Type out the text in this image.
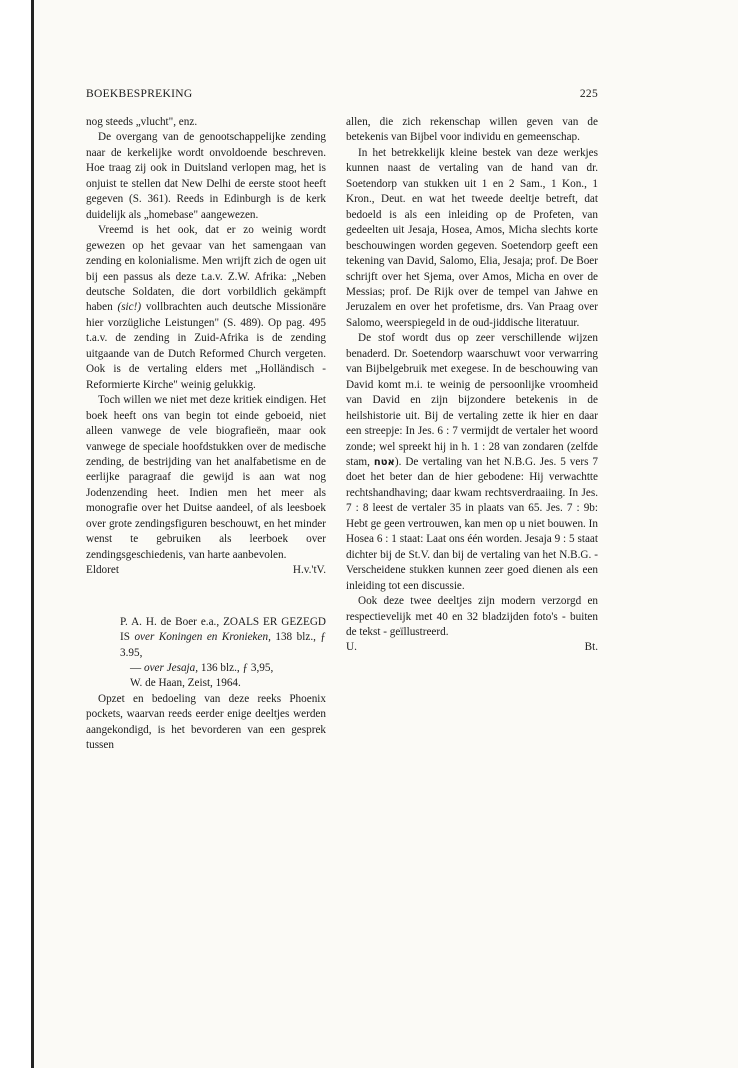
BOEKBESPREKING	225

nog steeds „vlucht", enz.

De overgang van de genootschappelijke zending naar de kerkelijke wordt onvoldoende beschreven. Hoe traag zij ook in Duitsland verlopen mag, het is onjuist te stellen dat New Delhi de eerste stoot heeft gegeven (S. 361). Reeds in Edinburgh is de kerk duidelijk als „homebase" aangewezen.

Vreemd is het ook, dat er zo weinig wordt gewezen op het gevaar van het samengaan van zending en kolonialisme. Men wrijft zich de ogen uit bij een passus als deze t.a.v. Z.W. Afrika: „Neben deutsche Soldaten, die dort vorbildlich gekämpft haben (sic!) vollbrachten auch deutsche Missionäre hier vorzügliche Leistungen" (S. 489). Op pag. 495 t.a.v. de zending in Zuid-Afrika is de zending uitgaande van de Dutch Reformed Church vergeten. Ook is de vertaling elders met „Holländisch - Reformierte Kirche" weinig gelukkig.

Toch willen we niet met deze kritiek eindigen. Het boek heeft ons van begin tot einde geboeid, niet alleen vanwege de vele biografieën, maar ook vanwege de speciale hoofdstukken over de medische zending, de bestrijding van het analfabetisme en de eerlijke paragraaf die gewijd is aan wat nog Jodenzending heet. Indien men het meer als monografie over het Duitse aandeel, of als leesboek over grote zendingsfiguren beschouwt, en het minder wenst te gebruiken als leerboek over zendingsgeschiedenis, van harte aanbevolen.

Eldoret	H.v.'tV.
P. A. H. de Boer e.a., ZOALS ER GEZEGD IS over Koningen en Kronieken, 138 blz., ƒ 3.95,
— over Jesaja, 136 blz., ƒ 3,95,
W. de Haan, Zeist, 1964.

Opzet en bedoeling van deze reeks Phoenix pockets, waarvan reeds eerder enige deeltjes werden aangekondigd, is het bevorderen van een gesprek tussen

allen, die zich rekenschap willen geven van de betekenis van Bijbel voor individu en gemeenschap.

In het betrekkelijk kleine bestek van deze werkjes kunnen naast de vertaling van de hand van dr. Soetendorp van stukken uit 1 en 2 Sam., 1 Kon., 1 Kron., Deut. en wat het tweede deeltje betreft, dat bedoeld is als een inleiding op de Profeten, van gedeelten uit Jesaja, Hosea, Amos, Micha slechts korte beschouwingen worden gegeven. Soetendorp geeft een tekening van David, Salomo, Elia, Jesaja; prof. De Boer schrijft over het Sjema, over Amos, Micha en over de Messias; prof. De Rijk over de tempel van Jahwe en Jeruzalem en over het profetisme, drs. Van Praag over Salomo, weerspiegeld in de oud-jiddische literatuur.

De stof wordt dus op zeer verschillende wijzen benaderd. Dr. Soetendorp waarschuwt voor verwarring van Bijbelgebruik met exegese. In de beschouwing van David komt m.i. te weinig de persoonlijke vroomheid van David en zijn bijzondere betekenis in de heilshistorie uit. Bij de vertaling zette ik hier en daar een streepje: In Jes. 6 : 7 vermijdt de vertaler het woord zonde; wel spreekt hij in h. 1 : 28 van zondaren (zelfde stam, אטח). De vertaling van het N.B.G. Jes. 5 vers 7 doet het beter dan de hier gebodene: Hij verwachtte rechtshandhaving; daar kwam rechtsverdraaiing. In Jes. 7 : 8 leest de vertaler 35 in plaats van 65. Jes. 7 : 9b: Hebt ge geen vertrouwen, kan men op u niet bouwen. In Hosea 6 : 1 staat: Laat ons één worden. Jesaja 9 : 5 staat dichter bij de St.V. dan bij de vertaling van het N.B.G. - Verscheidene stukken kunnen zeer goed dienen als een inleiding tot een discussie.

Ook deze twee deeltjes zijn modern verzorgd en respectievelijk met 40 en 32 bladzijden foto's - buiten de tekst - geïllustreerd.

U.	Bt.
